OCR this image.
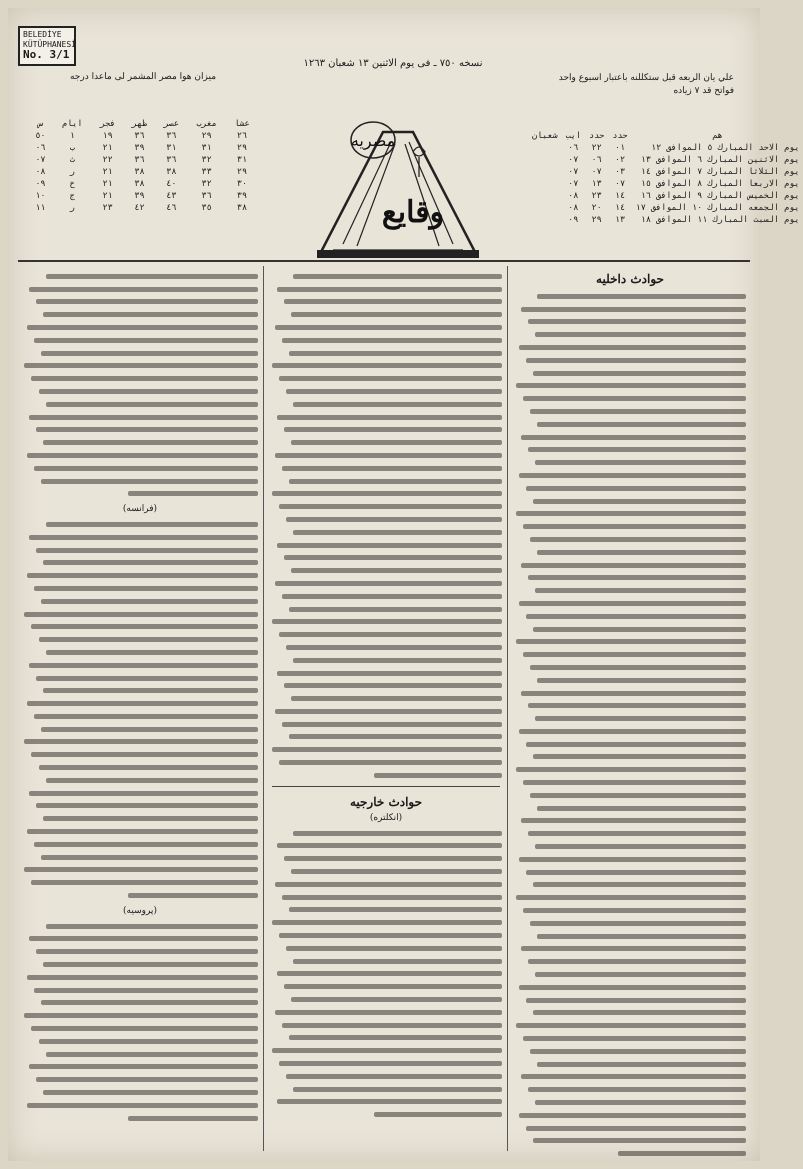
BELEDİYE
KÜTÜPHANESİ
No. 3/1
نسخه ٧٥٠ ـ فى يوم الاثنين ١٣ شعبان ١٢٦٣
علي يان الربعه قبل ستكللنه باعتبار اسبوع واحد
فواتح قد ٧ زياده
ميزان هوا مصر المشمر لى ماعدا درجه
س	ايام	فجر	ظهر	عصر	مغرب	عشا
٥٠	١	١٩	٣٦	٣٦	٢٩	٢٦
٠٦	ب	٢١	٣٩	٣١	٣١	٢٩
٠٧	ث	٢٢	٣٦	٣٦	٣٢	٣١
٠٨	ر	٢١	٣٨	٣٨	٣٣	٢٩
٠٩	خ	٢١	٣٨	٤٠	٣٢	٣٠
١٠	ج	٢١	٣٩	٤٣	٣٦	٣٩
١١	ر	٢٣	٤٢	٤٦	٣٥	٣٨
هم	حدد	حدد	ايب	شعبان
يوم الاحد المبارك ٥ الموافق ١٢	٠١	٢٢	٠٦	
يوم الاثنين المبارك ٦ الموافق ١٣	٠٢	٠٦	٠٧	
يوم الثلاثا المبارك ٧ الموافق ١٤	٠٣	٠٧	٠٧	
يوم الاربعا المبارك ٨ الموافق ١٥	٠٧	١٣	٠٧	
يوم الخميس المبارك ٩ الموافق ١٦	١٤	٢٣	٠٨	
يوم الجمعه المبارك ١٠ الموافق ١٧	١٤	٢٠	٠٨	
يوم السبت المبارك ١١ الموافق ١٨	١٣	٢٩	٠٩	
مصريه
وقايع
حوادث داخليه
حوادث خارجيه
(انكلتره)
(فرانسه)
(پروسيه)
